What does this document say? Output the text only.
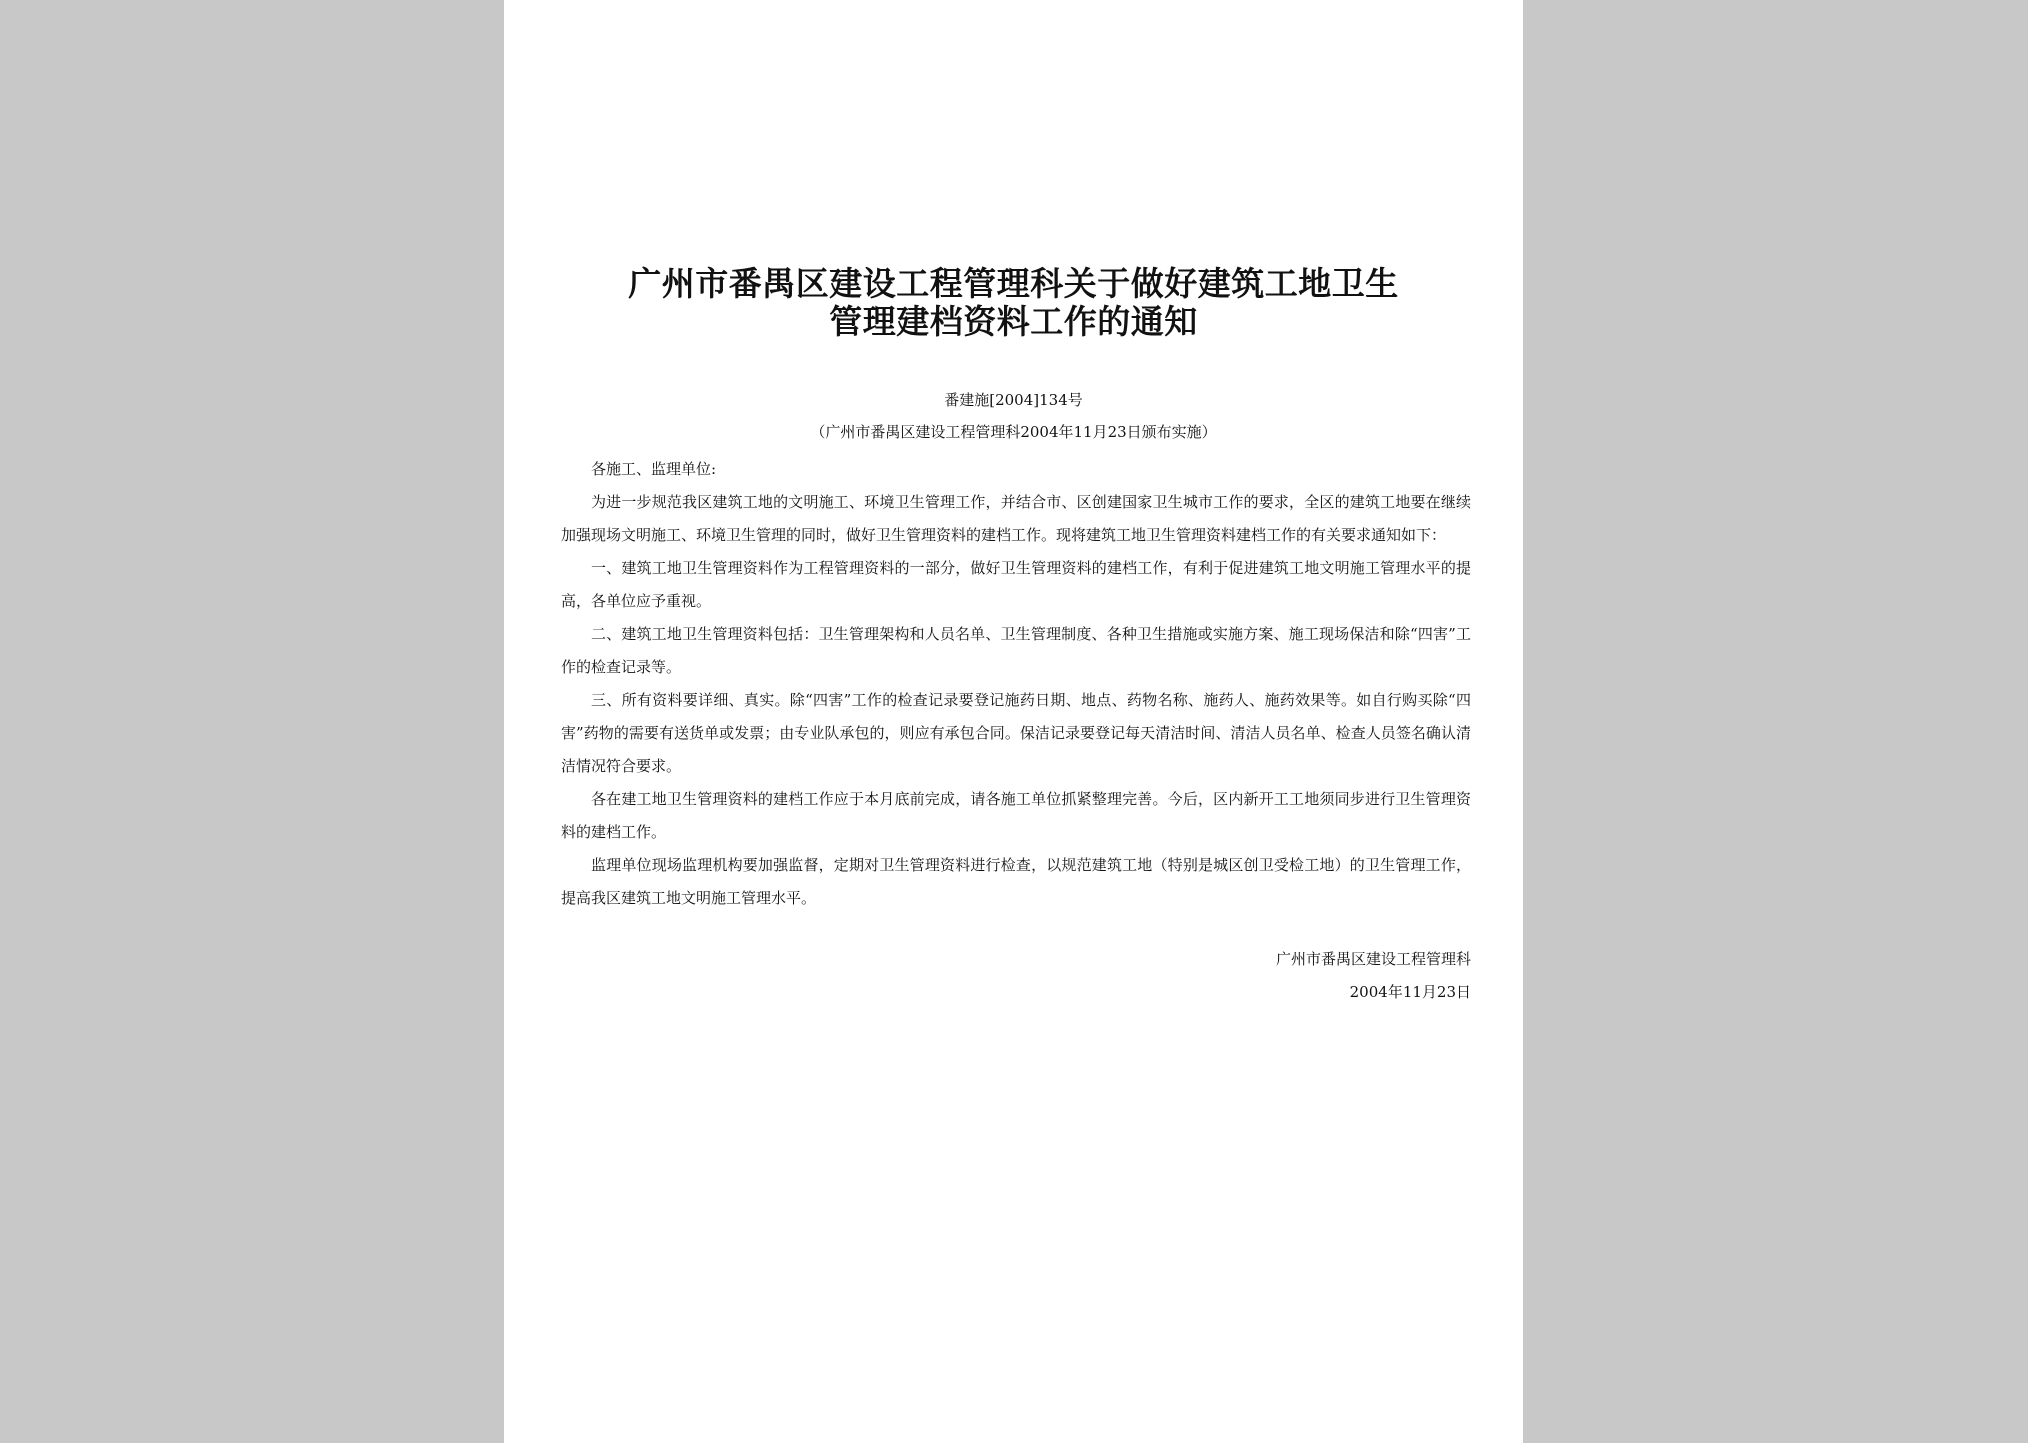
广州市番禺区建设工程管理科关于做好建筑工地卫生
管理建档资料工作的通知
番建施[2004]134号
（广州市番禺区建设工程管理科2004年11月23日颁布实施）

各施工、监理单位:

为进一步规范我区建筑工地的文明施工、环境卫生管理工作，并结合市、区创建国家卫生城市工作的要求，全区的建筑工地要在继续加强现场文明施工、环境卫生管理的同时，做好卫生管理资料的建档工作。现将建筑工地卫生管理资料建档工作的有关要求通知如下：

一、建筑工地卫生管理资料作为工程管理资料的一部分，做好卫生管理资料的建档工作，有利于促进建筑工地文明施工管理水平的提高，各单位应予重视。

二、建筑工地卫生管理资料包括：卫生管理架构和人员名单、卫生管理制度、各种卫生措施或实施方案、施工现场保洁和除“四害”工作的检查记录等。

三、所有资料要详细、真实。除“四害”工作的检查记录要登记施药日期、地点、药物名称、施药人、施药效果等。如自行购买除“四害”药物的需要有送货单或发票；由专业队承包的，则应有承包合同。保洁记录要登记每天清洁时间、清洁人员名单、检查人员签名确认清洁情况符合要求。

各在建工地卫生管理资料的建档工作应于本月底前完成，请各施工单位抓紧整理完善。今后，区内新开工工地须同步进行卫生管理资料的建档工作。

监理单位现场监理机构要加强监督，定期对卫生管理资料进行检查，以规范建筑工地（特别是城区创卫受检工地）的卫生管理工作，提高我区建筑工地文明施工管理水平。

广州市番禺区建设工程管理科
2004年11月23日
